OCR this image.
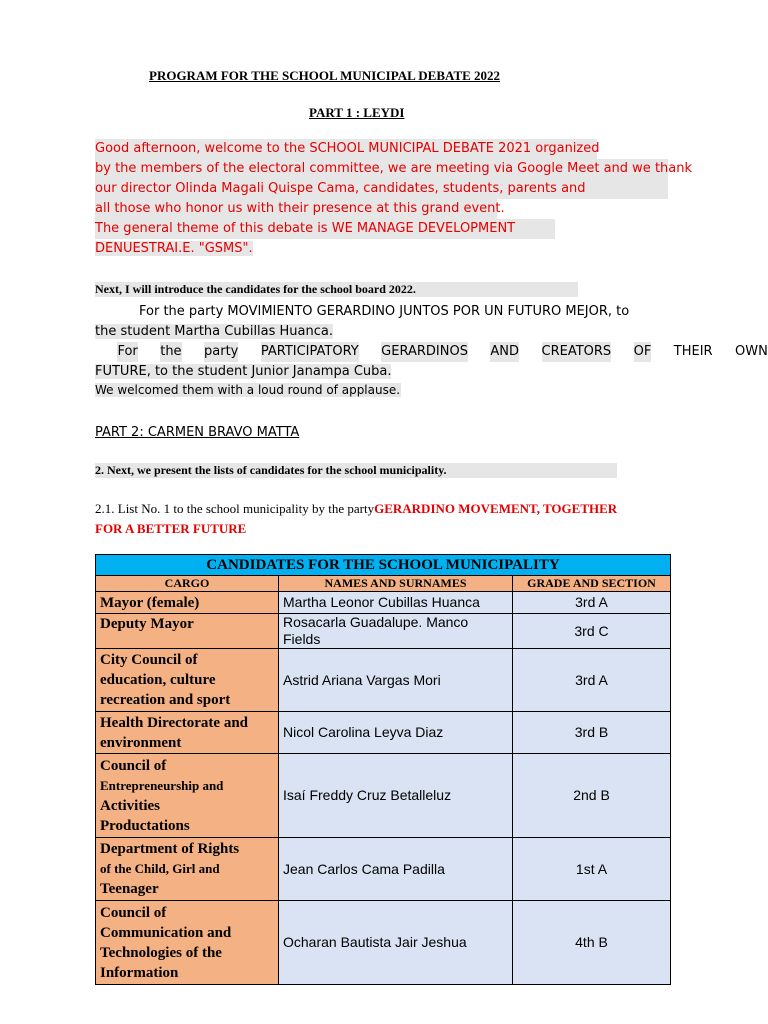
PROGRAM FOR THE SCHOOL MUNICIPAL DEBATE 2022
PART 1 : LEYDI
Good afternoon, welcome to the SCHOOL MUNICIPAL DEBATE 2021 organized
by the members of the electoral committee, we are meeting via Google Meet and we thank
our director Olinda Magali Quispe Cama, candidates, students, parents and
all those who honor us with their presence at this grand event.
The general theme of this debate is WE MANAGE DEVELOPMENT
DENUESTRAI.E. "GSMS".
Next, I will introduce the candidates for the school board 2022.
For the party MOVIMIENTO GERARDINO JUNTOS POR UN FUTURO MEJOR, to
the student Martha Cubillas Huanca.
For the party PARTICIPATORY GERARDINOS AND CREATORS OF THEIR OWN
FUTURE, to the student Junior Janampa Cuba.
We welcomed them with a loud round of applause.
PART 2: CARMEN BRAVO MATTA
2. Next, we present the lists of candidates for the school municipality.
2.1. List No. 1 to the school municipality by the partyGERARDINO MOVEMENT, TOGETHER
FOR A BETTER FUTURE
CANDIDATES FOR THE SCHOOL MUNICIPALITY		
CARGO	NAMES AND SURNAMES	GRADE AND SECTION
Mayor (female)	Martha Leonor Cubillas Huanca	3rd A
Deputy Mayor	Rosacarla Guadalupe. Manco Fields	3rd C

City Council of
education, culture
recreation and sport	Astrid Ariana Vargas Mori	3rd A

Health Directorate and
environment	Nicol Carolina Leyva Diaz	3rd B

Council of
Entrepreneurship and
Activities
Productations	Isaí Freddy Cruz Betalleluz	2nd B

Department of Rights
of the Child, Girl and
Teenager	Jean Carlos Cama Padilla	1st A

Council of
Communication and
Technologies of the
Information	Ocharan Bautista Jair Jeshua	4th B
